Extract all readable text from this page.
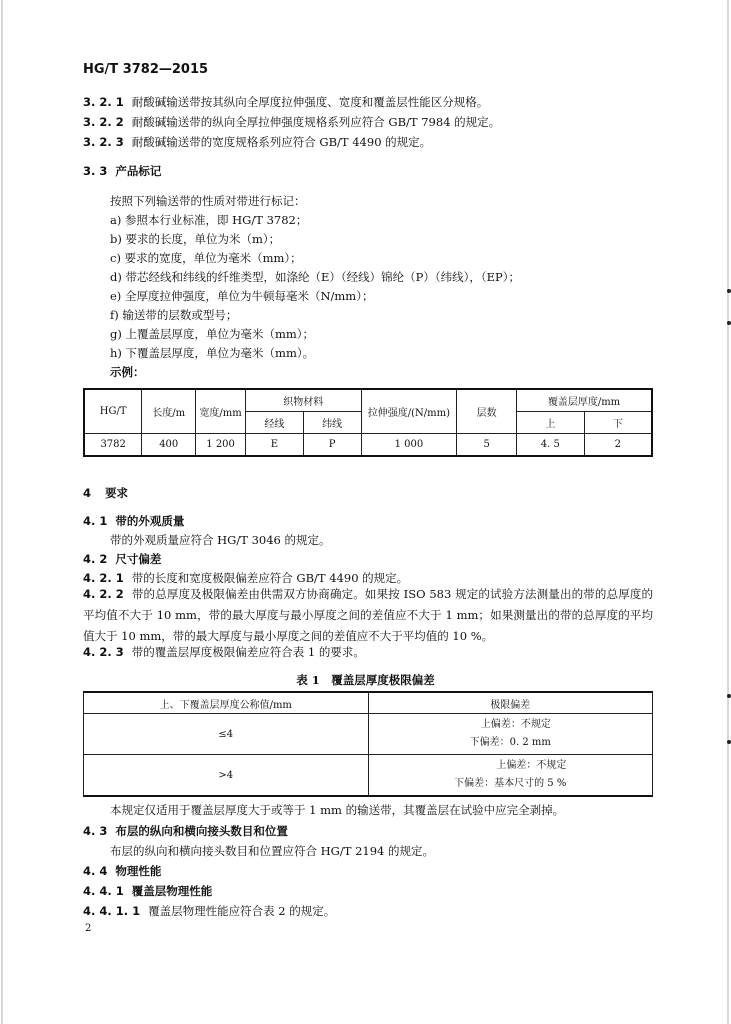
HG/T 3782—2015
3. 2. 1 耐酸碱输送带按其纵向全厚度拉伸强度、宽度和覆盖层性能区分规格。
3. 2. 2 耐酸碱输送带的纵向全厚拉伸强度规格系列应符合 GB/T 7984 的规定。
3. 2. 3 耐酸碱输送带的宽度规格系列应符合 GB/T 4490 的规定。
3. 3 产品标记
按照下列输送带的性质对带进行标记：
a) 参照本行业标准，即 HG/T 3782；
b) 要求的长度，单位为米（m）；
c) 要求的宽度，单位为毫米（mm）；
d) 带芯经线和纬线的纤维类型，如涤纶（E）（经线）锦纶（P）（纬线），（EP）；
e) 全厚度拉伸强度，单位为牛顿每毫米（N/mm）；
f) 输送带的层数或型号；
g) 上覆盖层厚度，单位为毫米（mm）；
h) 下覆盖层厚度，单位为毫米（mm）。
示例：
HG/T	长度/m	宽度/mm	织物材料		拉伸强度/(N/mm)	层数	覆盖层厚度/mm	
			经线	纬线			上	下
3782	400	1 200	E	P	1 000	5	4. 5	2
4 要求
4. 1 带的外观质量
带的外观质量应符合 HG/T 3046 的规定。
4. 2 尺寸偏差
4. 2. 1 带的长度和宽度极限偏差应符合 GB/T 4490 的规定。
4. 2. 2 带的总厚度及极限偏差由供需双方协商确定。如果按 ISO 583 规定的试验方法测量出的带的总厚度的平均值不大于 10 mm，带的最大厚度与最小厚度之间的差值应不大于 1 mm；如果测量出的带的总厚度的平均值大于 10 mm，带的最大厚度与最小厚度之间的差值应不大于平均值的 10 %。
4. 2. 3 带的覆盖层厚度极限偏差应符合表 1 的要求。
表 1　覆盖层厚度极限偏差
上、下覆盖层厚度公称值/mm	极限偏差
≤4	上偏差：不规定
下偏差：0. 2 mm

>4	上偏差：不规定
下偏差：基本尺寸的 5 %
本规定仅适用于覆盖层厚度大于或等于 1 mm 的输送带，其覆盖层在试验中应完全剥掉。
4. 3 布层的纵向和横向接头数目和位置
布层的纵向和横向接头数目和位置应符合 HG/T 2194 的规定。
4. 4 物理性能
4. 4. 1 覆盖层物理性能
4. 4. 1. 1 覆盖层物理性能应符合表 2 的规定。
2
